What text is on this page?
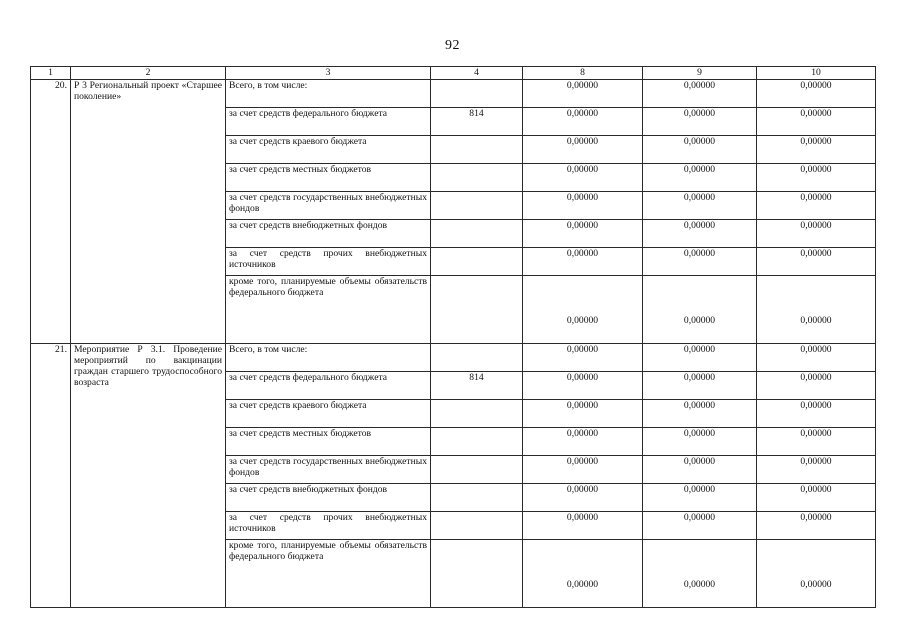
92
1	2	3	4	8	9	10
20.	Р 3 Региональный проект «Старшее поколение»	Всего, в том числе:		0,00000	0,00000	0,00000
		за счет средств федерального бюджета	814	0,00000	0,00000	0,00000
		за счет средств краевого бюджета		0,00000	0,00000	0,00000
		за счет средств местных бюджетов		0,00000	0,00000	0,00000
		за счет средств государственных внебюджетных фондов		0,00000	0,00000	0,00000
		за счет средств внебюджетных фондов		0,00000	0,00000	0,00000
		за счет средств прочих внебюджетных источников		0,00000	0,00000	0,00000
		кроме того, планируемые объемы обязательств федерального бюджета		0,00000	0,00000	0,00000
21.	Мероприятие Р 3.1. Проведение мероприятий по вакцинации граждан старшего трудоспособного возраста	Всего, в том числе:		0,00000	0,00000	0,00000
		за счет средств федерального бюджета	814	0,00000	0,00000	0,00000
		за счет средств краевого бюджета		0,00000	0,00000	0,00000
		за счет средств местных бюджетов		0,00000	0,00000	0,00000
		за счет средств государственных внебюджетных фондов		0,00000	0,00000	0,00000
		за счет средств внебюджетных фондов		0,00000	0,00000	0,00000
		за счет средств прочих внебюджетных источников		0,00000	0,00000	0,00000
		кроме того, планируемые объемы обязательств федерального бюджета		0,00000	0,00000	0,00000
